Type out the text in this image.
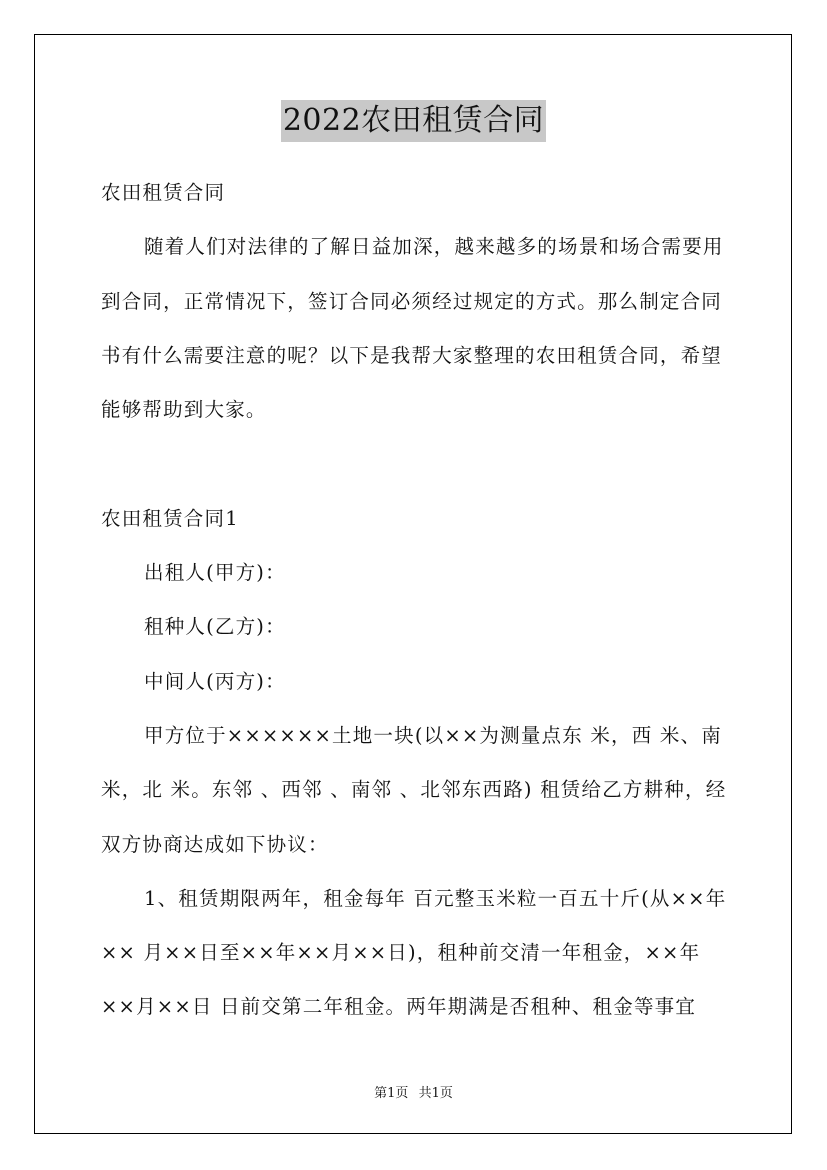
2022农田租赁合同

农田租赁合同

随着人们对法律的了解日益加深，越来越多的场景和场合需要用到合同，正常情况下，签订合同必须经过规定的方式。那么制定合同书有什么需要注意的呢？以下是我帮大家整理的农田租赁合同，希望能够帮助到大家。

农田租赁合同1

出租人(甲方)：

租种人(乙方)：

中间人(丙方)：

甲方位于××××××土地一块(以××为测量点东 米，西 米、南 米，北 米。东邻 、西邻 、南邻 、北邻东西路) 租赁给乙方耕种，经双方协商达成如下协议：

1、租赁期限两年，租金每年 百元整玉米粒一百五十斤(从××年×× 月××日至××年××月××日)，租种前交清一年租金，××年××月××日 日前交第二年租金。两年期满是否租种、租金等事宜

第1页 共1页
